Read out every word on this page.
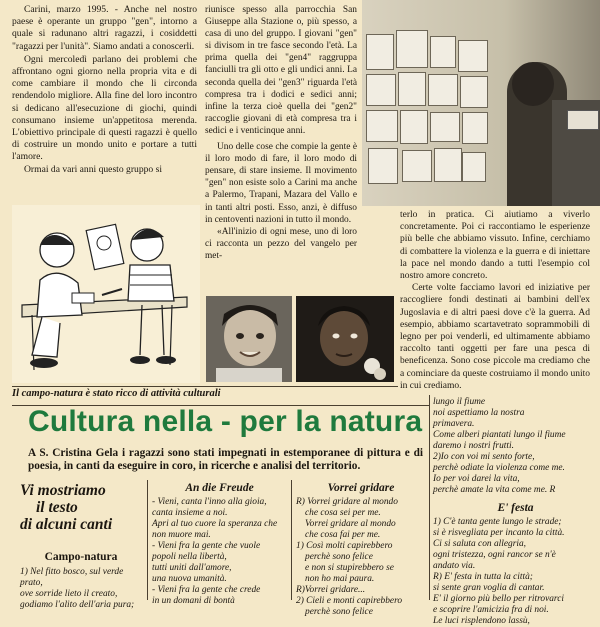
Carini, marzo 1995. - Anche nel nostro paese è operante un gruppo "gen", intorno a quale si radunano altri ragazzi, i cosiddetti "ragazzi per l'unità". Siamo andati a conoscerli.

Ogni mercoledì parlano dei problemi che affrontano ogni giorno nella propria vita e di come cambiare il mondo che li circonda rendendolo migliore. Alla fine del loro incontro si dedicano all'esecuzione di giochi, quindi consumano insieme un'appetitosa merenda. L'obiettivo principale di questi ragazzi è quello di costruire un mondo unito e portare a tutti l'amore.

Ormai da vari anni questo gruppo si

riunisce spesso alla parrocchia San Giuseppe alla Stazione o, più spesso, a casa di uno del gruppo. I giovani "gen" si divisom in tre fasce secondo l'età. La prima quella dei "gen4" raggruppa fanciulli tra gli otto e gli undici anni. La seconda quella dei "gen3" riguarda l'età compresa tra i dodici e sedici anni; infine la terza cioè quella dei "gen2" raccoglie giovani di età compresa tra i sedici e i venticinque anni.

Uno delle cose che compie la gente è il loro modo di fare, il loro modo di pensare, di stare insieme. Il movimento "gen" non esiste solo a Carini ma anche a Palermo, Trapani, Mazara del Vallo e in tanti altri posti. Esso, anzi, è diffuso in centoventi nazioni in tutto il mondo.

«All'inizio di ogni mese, uno di loro ci racconta un pezzo del vangelo per met-

terlo in pratica. Ci aiutiamo a viverlo concretamente. Poi ci raccontiamo le esperienze più belle che abbiamo vissuto. Infine, cerchiamo di combattere la violenza e la guerra e di iniettare la pace nel mondo dando a tutti l'esempio col nostro amore concreto.

Certe volte facciamo lavori ed iniziative per raccogliere fondi destinati ai bambini dell'ex Jugoslavia e di altri paesi dove c'è la guerra. Ad esempio, abbiamo scartavetrato soprammobili di legno per poi venderli, ed ultimamente abbiamo raccolto tanti oggetti per fare una pesca di beneficenza. Sono cose piccole ma crediamo che a cominciare da queste costruiamo il mondo unito in cui crediamo.

Il campo-natura è stato ricco di attività culturali
Cultura nella - per la natura
A S. Cristina Gela i ragazzi sono stati impegnati in estemporanee di pittura e di poesia, in canti da eseguire in coro, in ricerche e analisi del territorio.

Vi mostriamo

il testo

di alcuni canti

Campo-natura

1) Nel fitto bosco, sul verde prato,

ove sorride lieto il creato,

godiamo l'alito dell'aria pura;

An die Freude

- Vieni, canta l'inno alla gioia,

canta insieme a noi.

Apri al tuo cuore la speranza che

non muore mai.

- Vieni fra la gente che vuole

popoli nella libertà,

tutti uniti dall'amore,

una nuova umanità.

- Vieni fra la gente che crede

in un domani di bontà

Vorrei gridare

R) Vorrei gridare al mondo

che cosa sei per me.

Vorrei gridare al mondo

che cosa fai per me.

1) Così molti capirebbero

perchè sono felice

e non si stupirebbero se

non ho mai paura.

R)Vorrei gridare...

2) Cieli e monti capirebbero

perchè sono felice

lungo il fiume

noi aspettiamo la nostra

primavera.

Come alberi piantati lungo il fiume

daremo i nostri frutti.

2)Io con voi mi sento forte,

perchè odiate la violenza come me.

Io per voi darei la vita,

perchè amate la vita come me. R

E' festa

1) C'è tanta gente lungo le strade;

si è risvegliata per incanto la città.

Ci si saluta con allegria,

ogni tristezza, ogni rancor se n'è

andato via.

R) E' festa in tutta la città;

si sente gran voglia di cantar.

E' il giorno più bello per ritrovarci

e scoprire l'amicizia fra di noi.

Le luci risplendono lassù,
